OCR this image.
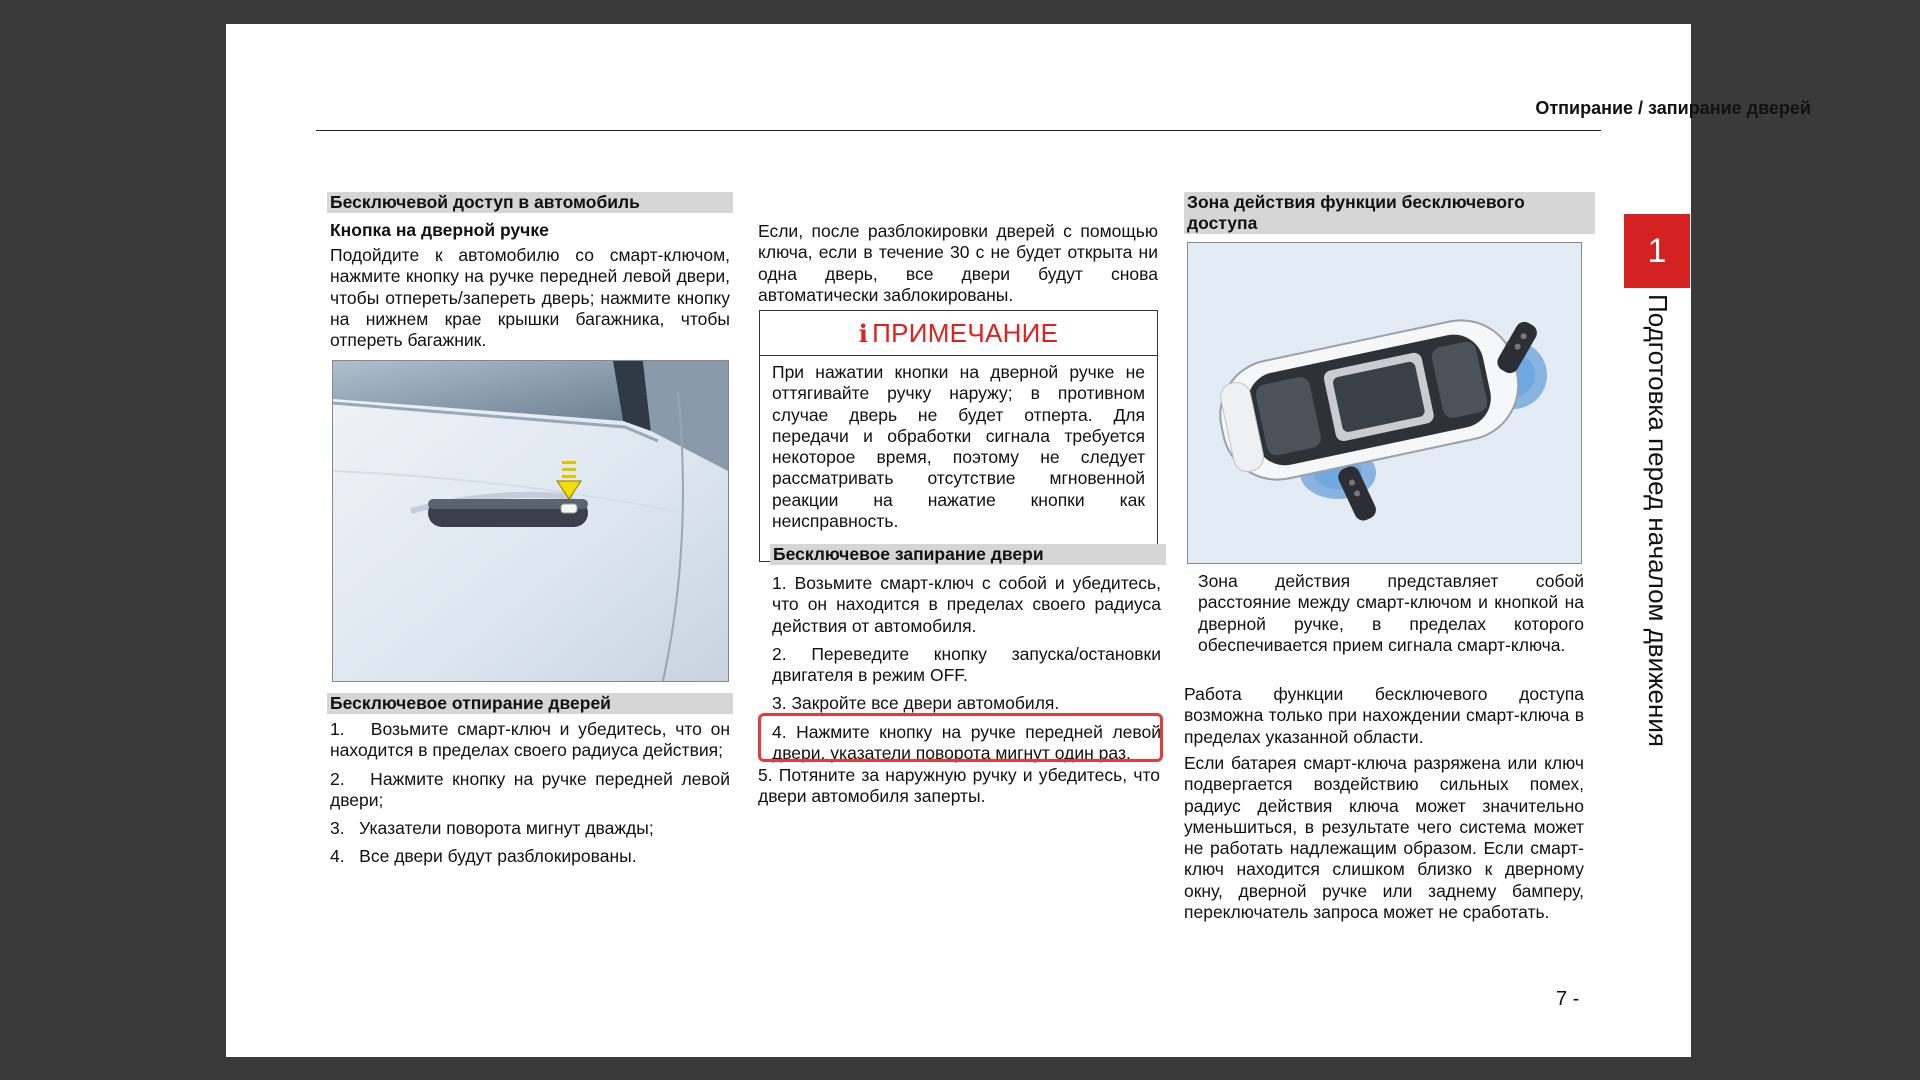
Отпирание / запирание дверей
Бесключевой доступ в автомобиль
Кнопка на дверной ручке

Подойдите к автомобилю со смарт-ключом, нажмите кнопку на ручке передней левой двери, чтобы отпереть/запереть дверь; нажмите кнопку на нижнем крае крышки багажника, чтобы отпереть багажник.

Бесключевое отпирание дверей

1.   Возьмите смарт-ключ и убедитесь, что он находится в пределах своего радиуса действия;

2.   Нажмите кнопку на ручке передней левой двери;

3.   Указатели поворота мигнут дважды;

4.   Все двери будут разблокированы.

Если, после разблокировки дверей с помощью ключа, если в течение 30 с не будет открыта ни одна дверь, все двери будут снова автоматически заблокированы.

i ПРИМЕЧАНИЕ

При нажатии кнопки на дверной ручке не оттягивайте ручку наружу; в противном случае дверь не будет отперта. Для передачи и обработки сигнала требуется некоторое время, поэтому не следует рассматривать отсутствие мгновенной реакции на нажатие кнопки как неисправность.

Бесключевое запирание двери

1. Возьмите смарт-ключ с собой и убедитесь, что он находится в пределах своего радиуса действия от автомобиля.

2. Переведите кнопку запуска/остановки двигателя в режим OFF.

3. Закройте все двери автомобиля.

4. Нажмите кнопку на ручке передней левой двери, указатели поворота мигнут один раз.

5. Потяните за наружную ручку и убедитесь, что двери автомобиля заперты.

Зона действия функции бесключевого доступа

Зона действия представляет собой расстояние между смарт-ключом и кнопкой на дверной ручке, в пределах которого обеспечивается прием сигнала смарт-ключа.

Работа функции бесключевого доступа возможна только при нахождении смарт-ключа в пределах указанной области.

Если батарея смарт-ключа разряжена или ключ подвергается воздействию сильных помех, радиус действия ключа может значительно уменьшиться, в результате чего система может не работать надлежащим образом. Если смарт-ключ находится слишком близко к дверному окну, дверной ручке или заднему бамперу, переключатель запроса может не сработать.

1
Подготовка перед началом движения
7 -
